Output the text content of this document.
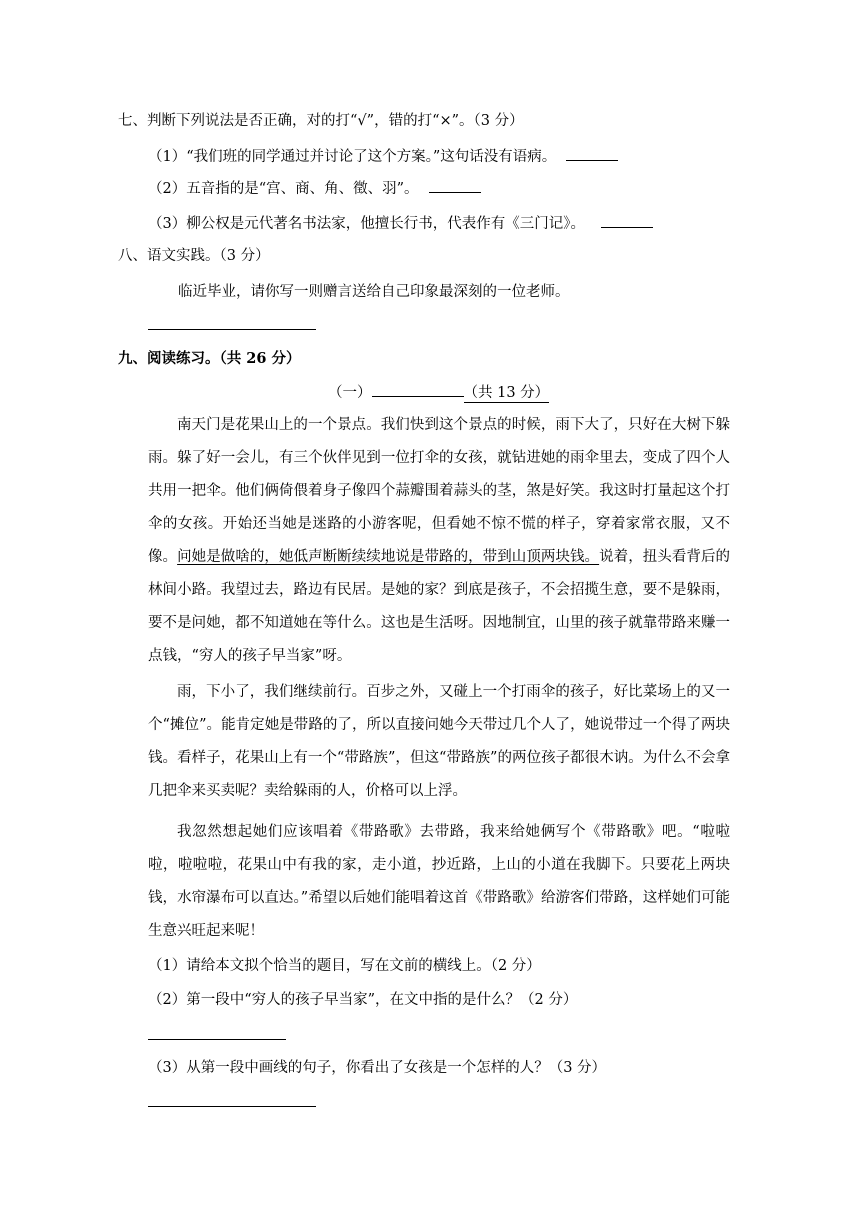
七、判断下列说法是否正确，对的打“√”，错的打“×”。（3 分）
（1）“我们班的同学通过并讨论了这个方案。”这句话没有语病。
（2）五音指的是“宫、商、角、徵、羽”。
（3）柳公权是元代著名书法家，他擅长行书，代表作有《三门记》。
八、语文实践。（3 分）
临近毕业，请你写一则赠言送给自己印象最深刻的一位老师。
九、阅读练习。（共 26 分）
（一）	（共 13 分）

南天门是花果山上的一个景点。我们快到这个景点的时候，雨下大了，只好在大树下躲雨。躲了好一会儿，有三个伙伴见到一位打伞的女孩，就钻进她的雨伞里去，变成了四个人共用一把伞。他们俩倚偎着身子像四个蒜瓣围着蒜头的茎，煞是好笑。我这时打量起这个打伞的女孩。开始还当她是迷路的小游客呢，但看她不惊不慌的样子，穿着家常衣服，又不像。问她是做啥的，她低声断断续续地说是带路的，带到山顶两块钱。说着，扭头看背后的林间小路。我望过去，路边有民居。是她的家？到底是孩子，不会招揽生意，要不是躲雨，要不是问她，都不知道她在等什么。这也是生活呀。因地制宜，山里的孩子就靠带路来赚一点钱，“穷人的孩子早当家”呀。

雨，下小了，我们继续前行。百步之外，又碰上一个打雨伞的孩子，好比菜场上的又一个“摊位”。能肯定她是带路的了，所以直接问她今天带过几个人了，她说带过一个得了两块钱。看样子，花果山上有一个“带路族”，但这“带路族”的两位孩子都很木讷。为什么不会拿几把伞来买卖呢？卖给躲雨的人，价格可以上浮。

我忽然想起她们应该唱着《带路歌》去带路，我来给她俩写个《带路歌》吧。“啦啦啦，啦啦啦，花果山中有我的家，走小道，抄近路，上山的小道在我脚下。只要花上两块钱，水帘瀑布可以直达。”希望以后她们能唱着这首《带路歌》给游客们带路，这样她们可能生意兴旺起来呢！

（1）请给本文拟个恰当的题目，写在文前的横线上。（2 分）
（2）第一段中“穷人的孩子早当家”，在文中指的是什么？（2 分）
（3）从第一段中画线的句子，你看出了女孩是一个怎样的人？（3 分）
